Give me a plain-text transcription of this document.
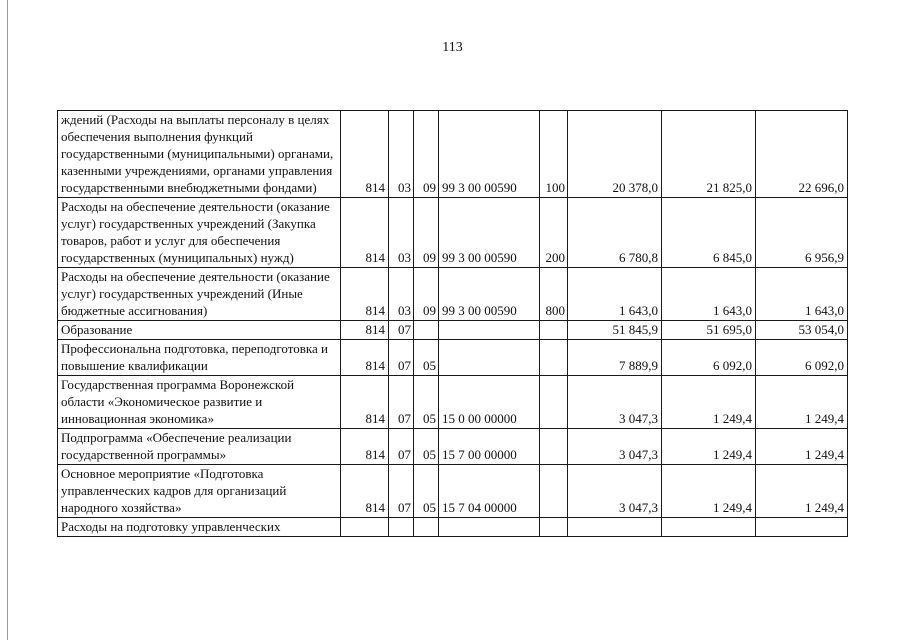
113
ждений (Расходы на выплаты персоналу в целях обеспечения выполнения функций государственными (муниципальными) органами, казенными учреждениями, органами управления государственными внебюджетными фондами)	814	03	09	99 3 00 00590	100	20 378,0	21 825,0	22 696,0
Расходы на обеспечение деятельности (оказание услуг) государственных учреждений (Закупка товаров, работ и услуг для обеспечения государственных (муниципальных) нужд)	814	03	09	99 3 00 00590	200	6 780,8	6 845,0	6 956,9
Расходы на обеспечение деятельности (оказание услуг) государственных учреждений (Иные бюджетные ассигнования)	814	03	09	99 3 00 00590	800	1 643,0	1 643,0	1 643,0
Образование	814	07				51 845,9	51 695,0	53 054,0
Профессиональна подготовка, переподготовка и повышение квалификации	814	07	05			7 889,9	6 092,0	6 092,0
Государственная программа Воронежской области «Экономическое развитие и инновационная экономика»	814	07	05	15 0 00 00000		3 047,3	1 249,4	1 249,4
Подпрограмма «Обеспечение реализации государственной программы»	814	07	05	15 7 00 00000		3 047,3	1 249,4	1 249,4
Основное мероприятие «Подготовка управленческих кадров для организаций народного хозяйства»	814	07	05	15 7 04 00000		3 047,3	1 249,4	1 249,4
Расходы на подготовку управленческих								
